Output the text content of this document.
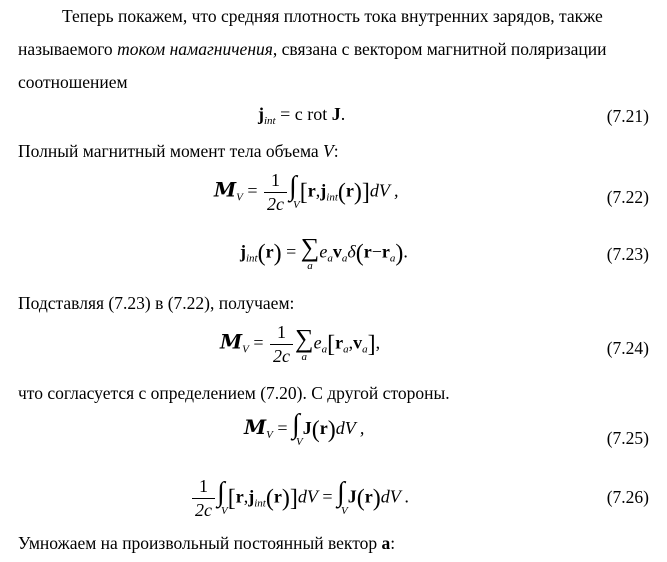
Теперь покажем, что средняя плотность тока внутренних зарядов, также
называемого током намагничения, связана с вектором магнитной поляризации
соотношением
$j_{int} = c$ rot J.	(7.21)
Полный магнитный момент тела объема V:
$M_V = \frac{1}{2c}$ ∫
V $[r,j_{int}(r)]dV$ ,	(7.22)
$j_{int}(r)$ = ∑
a
$e_av_a\delta(r-r_a)$.	(7.23)
Подставляя (7.23) в (7.22), получаем:
$M_V = \frac{1}{2c}$ ∑
a
$e_a[r_a,v_a]$,	(7.24)
что согласуется с определением (7.20). С другой стороны.
$M_V$ = ∫
V
J(r)dV ,	(7.25)
$\frac{1}{2c}$ ∫
V $[r,j_{int}(r)]dV$ = ∫
V
J(r)dV .	(7.26)
Умножаем на произвольный постоянный вектор a:
